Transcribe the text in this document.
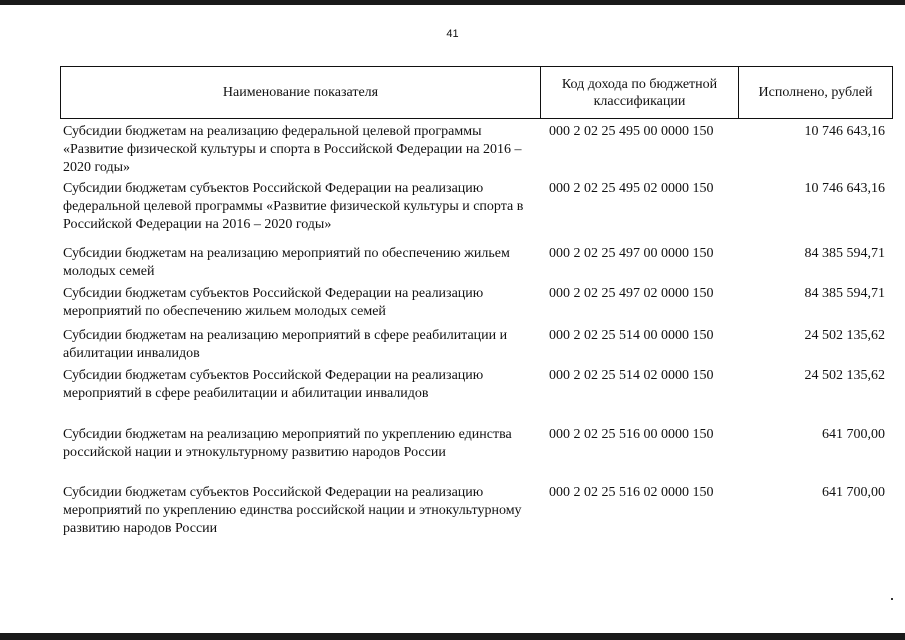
41
Наименование показателя
Код дохода по бюджетной классификации
Исполнено, рублей
Субсидии бюджетам на реализацию федеральной целевой программы «Развитие физической культуры и спорта в Российской Федерации на 2016 – 2020 годы»
000 2 02 25 495 00 0000 150	10 746 643,16
Субсидии бюджетам субъектов Российской Федерации на реализацию федеральной целевой программы «Развитие физической культуры и спорта в Российской Федерации на 2016 – 2020 годы»
000 2 02 25 495 02 0000 150	10 746 643,16
Субсидии бюджетам на реализацию мероприятий по обеспечению жильем молодых семей
000 2 02 25 497 00 0000 150	84 385 594,71
Субсидии бюджетам субъектов Российской Федерации на реализацию мероприятий по обеспечению жильем молодых семей
000 2 02 25 497 02 0000 150	84 385 594,71
Субсидии бюджетам на реализацию мероприятий в сфере реабилитации и абилитации инвалидов
000 2 02 25 514 00 0000 150	24 502 135,62
Субсидии бюджетам субъектов Российской Федерации на реализацию мероприятий в сфере реабилитации и абилитации инвалидов
000 2 02 25 514 02 0000 150	24 502 135,62
Субсидии бюджетам на реализацию мероприятий по укреплению единства российской нации и этнокультурному развитию народов России
000 2 02 25 516 00 0000 150	641 700,00
Субсидии бюджетам субъектов Российской Федерации на реализацию мероприятий по укреплению единства российской нации и этнокультурному развитию народов России
000 2 02 25 516 02 0000 150	641 700,00
